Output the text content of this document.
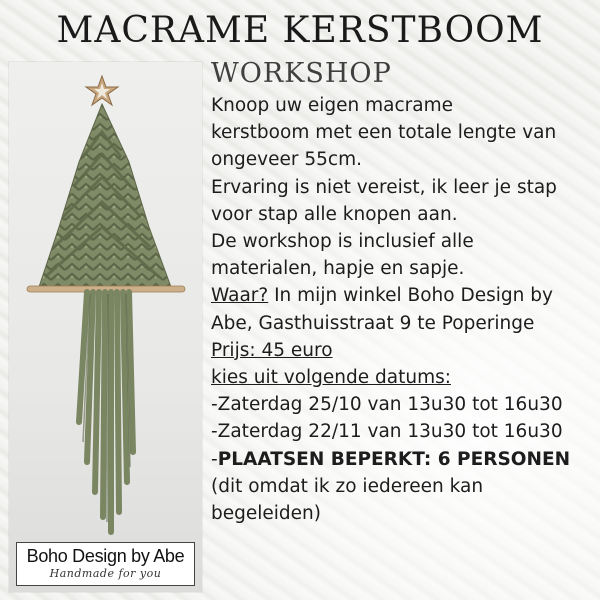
MACRAME KERSTBOOM
WORKSHOP
Boho Design by Abe
Handmade for you
Knoop uw eigen macrame
kerstboom met een totale lengte van
ongeveer 55cm.
Ervaring is niet vereist, ik leer je stap
voor stap alle knopen aan.
De workshop is inclusief alle
materialen, hapje en sapje.
Waar? In mijn winkel Boho Design by
Abe, Gasthuisstraat 9 te Poperinge
Prijs: 45 euro
kies uit volgende datums:
-Zaterdag 25/10 van 13u30 tot 16u30
-Zaterdag 22/11 van 13u30 tot 16u30
-PLAATSEN BEPERKT: 6 PERSONEN
(dit omdat ik zo iedereen kan
begeleiden)
